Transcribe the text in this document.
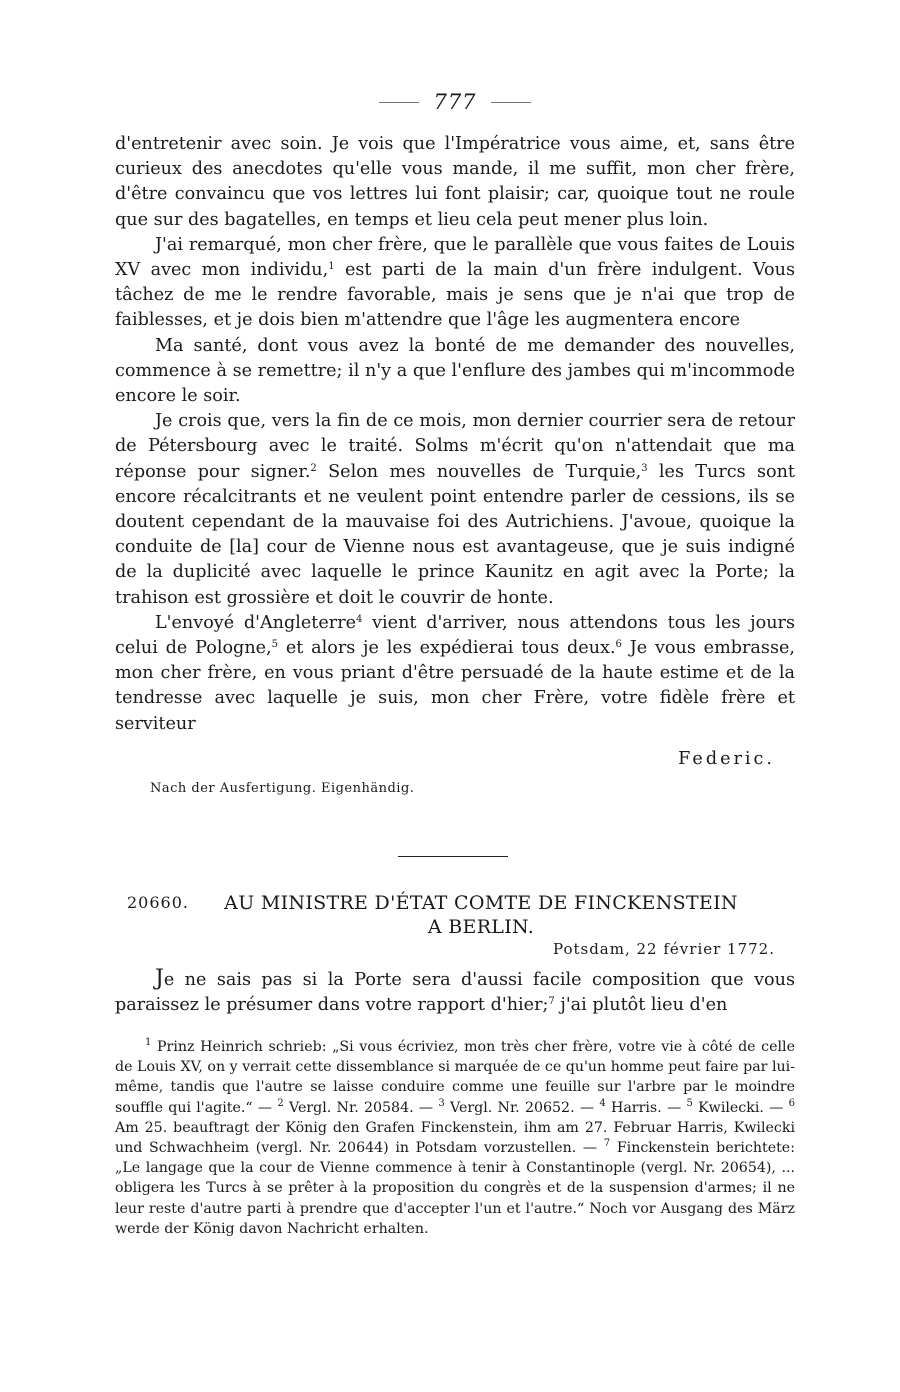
777

d'entretenir avec soin. Je vois que l'Impératrice vous aime, et, sans être curieux des anecdotes qu'elle vous mande, il me suffit, mon cher frère, d'être convaincu que vos lettres lui font plaisir; car, quoique tout ne roule que sur des bagatelles, en temps et lieu cela peut mener plus loin.

J'ai remarqué, mon cher frère, que le parallèle que vous faites de Louis XV avec mon individu,$^1$ est parti de la main d'un frère indulgent. Vous tâchez de me le rendre favorable, mais je sens que je n'ai que trop de faiblesses, et je dois bien m'attendre que l'âge les augmentera encore

Ma santé, dont vous avez la bonté de me demander des nouvelles, commence à se remettre; il n'y a que l'enflure des jambes qui m'incommode encore le soir.

Je crois que, vers la fin de ce mois, mon dernier courrier sera de retour de Pétersbourg avec le traité. Solms m'écrit qu'on n'attendait que ma réponse pour signer.$^2$ Selon mes nouvelles de Turquie,$^3$ les Turcs sont encore récalcitrants et ne veulent point entendre parler de cessions, ils se doutent cependant de la mauvaise foi des Autrichiens. J'avoue, quoique la conduite de [la] cour de Vienne nous est avantageuse, que je suis indigné de la duplicité avec laquelle le prince Kaunitz en agit avec la Porte; la trahison est grossière et doit le couvrir de honte.

L'envoyé d'Angleterre$^4$ vient d'arriver, nous attendons tous les jours celui de Pologne,$^5$ et alors je les expédierai tous deux.$^6$ Je vous embrasse, mon cher frère, en vous priant d'être persuadé de la haute estime et de la tendresse avec laquelle je suis, mon cher Frère, votre fidèle frère et serviteur

Federic.
Nach der Ausfertigung. Eigenhändig.
20660.	AU MINISTRE D'ÉTAT COMTE DE FINCKENSTEIN
A BERLIN.
Potsdam, 22 février 1772.

Je ne sais pas si la Porte sera d'aussi facile composition que vous paraissez le présumer dans votre rapport d'hier;$^7$ j'ai plutôt lieu d'en

$^1$ Prinz Heinrich schrieb: „Si vous écriviez, mon très cher frère, votre vie à côté de celle de Louis XV, on y verrait cette dissemblance si marquée de ce qu'un homme peut faire par lui-même, tandis que l'autre se laisse conduire comme une feuille sur l'arbre par le moindre souffle qui l'agite.“ — $^2$ Vergl. Nr. 20584. — $^3$ Vergl. Nr. 20652. — $^4$ Harris. — $^5$ Kwilecki. — $^6$ Am 25. beauftragt der König den Grafen Finckenstein, ihm am 27. Februar Harris, Kwilecki und Schwachheim (vergl. Nr. 20644) in Potsdam vorzustellen. — $^7$ Finckenstein berichtete: „Le langage que la cour de Vienne commence à tenir à Constantinople (vergl. Nr. 20654), ... obligera les Turcs à se prêter à la proposition du congrès et de la suspension d'armes; il ne leur reste d'autre parti à prendre que d'accepter l'un et l'autre.“ Noch vor Ausgang des März werde der König davon Nachricht erhalten.
